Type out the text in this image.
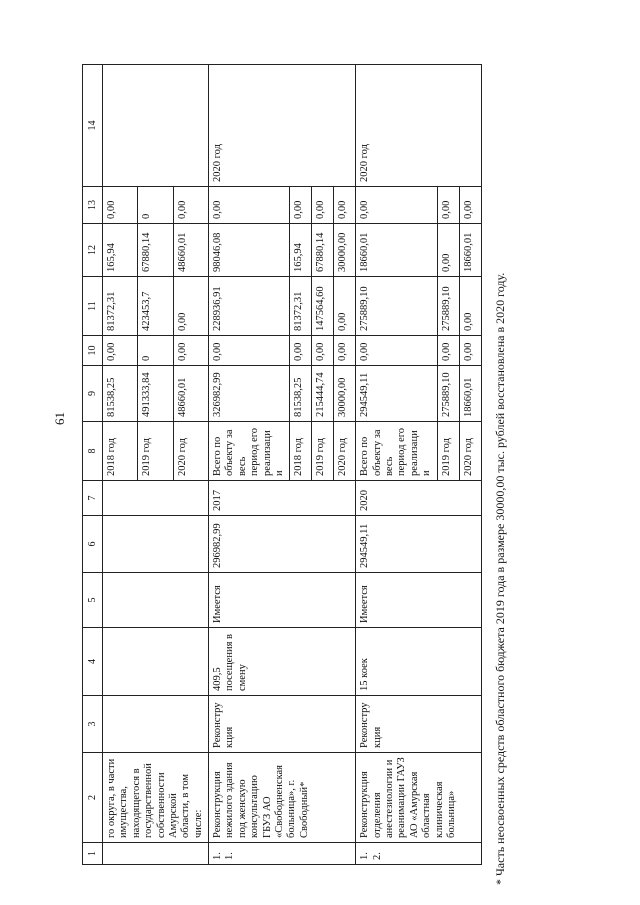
61
1	2	3	4	5	6	7	8	9	10	11	12	13	14
	го округа, в части имущества, находящегося в государственной собственности Амурской области, в том числе:						2018 год	81538,25	0,00	81372,31	165,94	0,00	
							2019 год	491333,84	0	423453,7	67880,14	0	
							2020 год	48660,01	0,00	0,00	48660,01	0,00	
1.1.	Реконструкция нежилого здания под женскую консультацию ГБУЗ АО «Свободненская больница», г. Свободный*	Реконструкция	409,5 посещения в смену	Имеется	296982,99	2017	Всего по объекту за весь период его реализации	326982,99	0,00	228936,91	98046,08	0,00	2020 год
							2018 год	81538,25	0,00	81372,31	165,94	0,00	
							2019 год	215444,74	0,00	147564,60	67880,14	0,00	
							2020 год	30000,00	0,00	0,00	30000,00	0,00	
1.2.	Реконструкция отделения анестезиологии и реанимации ГАУЗ АО «Амурская областная клиническая больница»	Реконструкция	15 коек	Имеется	294549,11	2020	Всего по объекту за весь период его реализации	294549,11	0,00	275889,10	18660,01	0,00	2020 год
							2019 год	275889,10	0,00	275889,10	0,00	0,00	
							2020 год	18660,01	0,00	0,00	18660,01	0,00	
* Часть неосвоенных средств областного бюджета 2019 года в размере 30000,00 тыс. рублей восстановлена в 2020 году.
